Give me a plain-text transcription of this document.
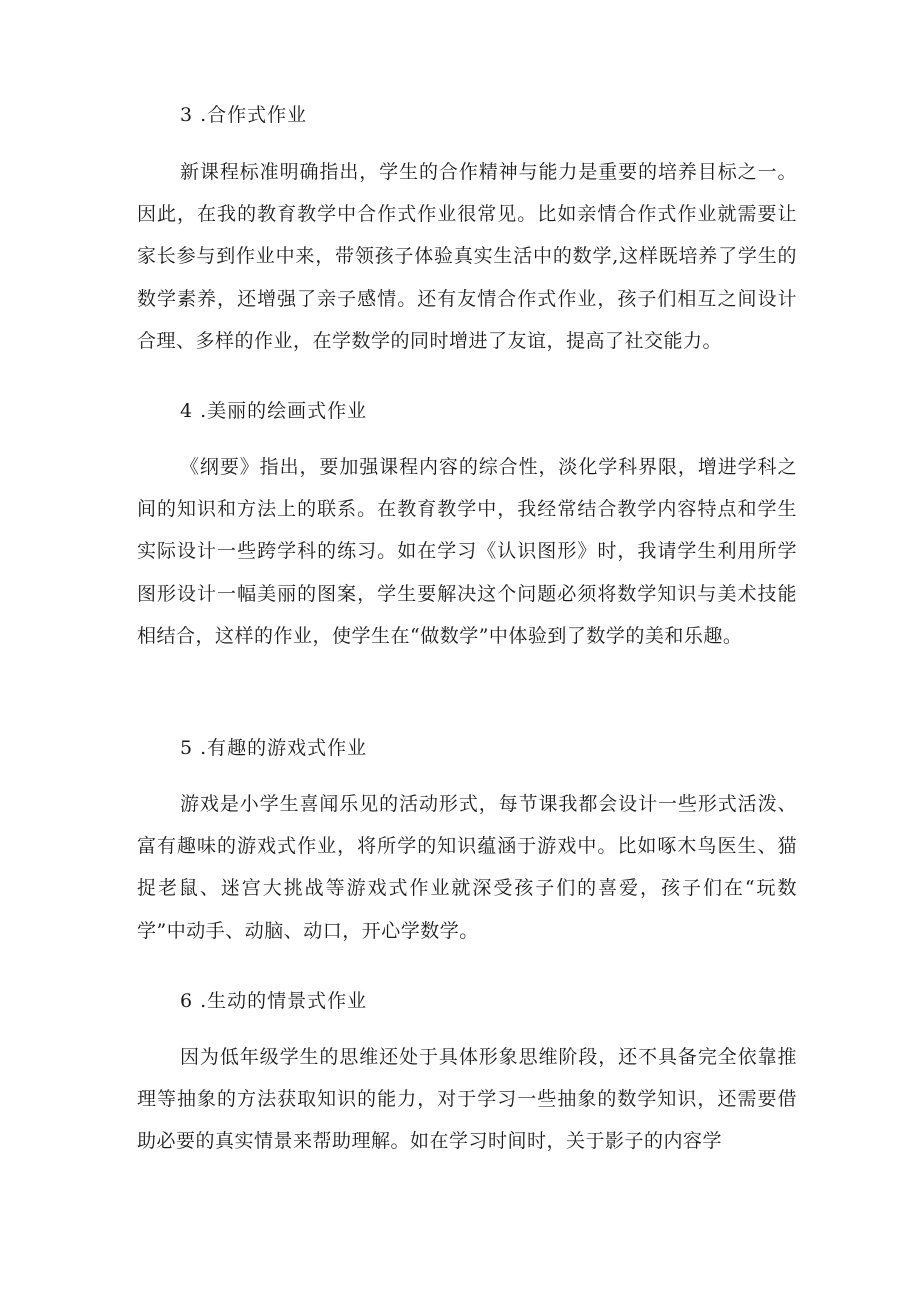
3 .合作式作业
新课程标准明确指出，学生的合作精神与能力是重要的培养目标之一。因此，在我的教育教学中合作式作业很常见。比如亲情合作式作业就需要让家长参与到作业中来，带领孩子体验真实生活中的数学,这样既培养了学生的数学素养，还增强了亲子感情。还有友情合作式作业，孩子们相互之间设计合理、多样的作业，在学数学的同时增进了友谊，提高了社交能力。
4 .美丽的绘画式作业
《纲要》指出，要加强课程内容的综合性，淡化学科界限，增进学科之间的知识和方法上的联系。在教育教学中，我经常结合教学内容特点和学生实际设计一些跨学科的练习。如在学习《认识图形》时，我请学生利用所学图形设计一幅美丽的图案，学生要解决这个问题必须将数学知识与美术技能相结合，这样的作业，使学生在“做数学”中体验到了数学的美和乐趣。
5 .有趣的游戏式作业
游戏是小学生喜闻乐见的活动形式，每节课我都会设计一些形式活泼、富有趣味的游戏式作业，将所学的知识蕴涵于游戏中。比如啄木鸟医生、猫捉老鼠、迷宫大挑战等游戏式作业就深受孩子们的喜爱，孩子们在“玩数学”中动手、动脑、动口，开心学数学。
6 .生动的情景式作业
因为低年级学生的思维还处于具体形象思维阶段，还不具备完全依靠推理等抽象的方法获取知识的能力，对于学习一些抽象的数学知识，还需要借助必要的真实情景来帮助理解。如在学习时间时，关于影子的内容学
